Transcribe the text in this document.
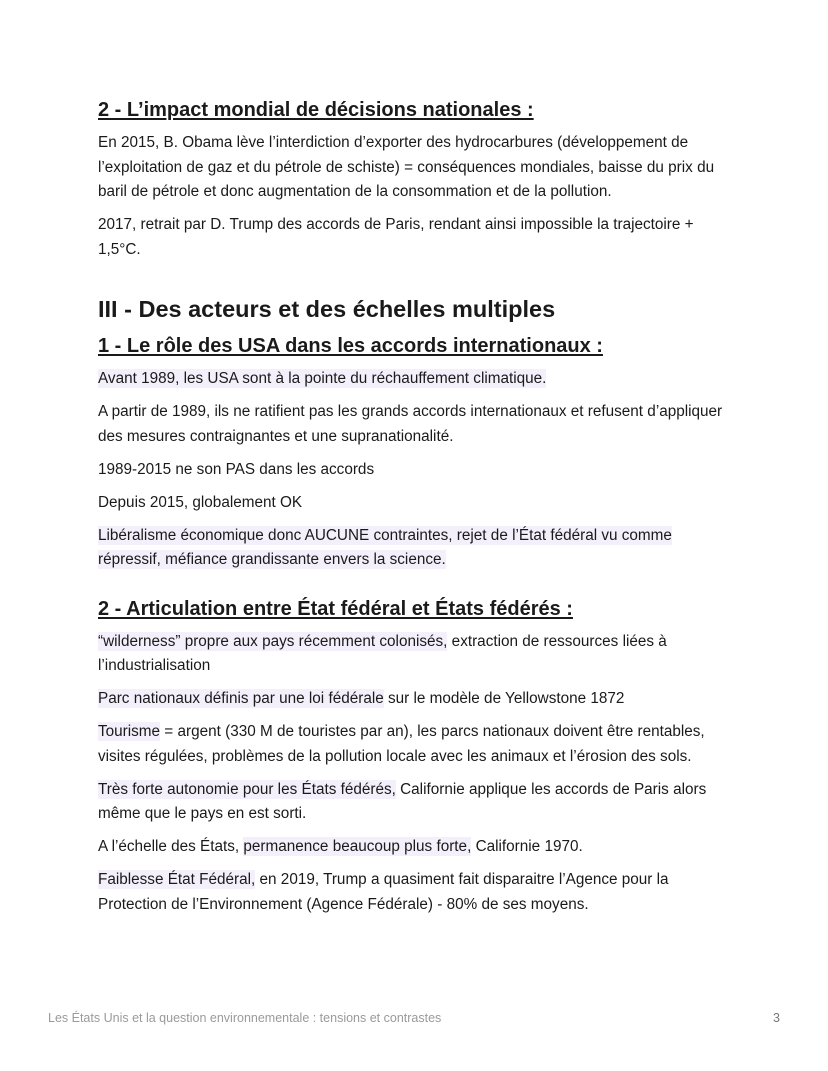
2 - L’impact mondial de décisions nationales :

En 2015, B. Obama lève l’interdiction d’exporter des hydrocarbures (développement de l’exploitation de gaz et du pétrole de schiste) = conséquences mondiales, baisse du prix du baril de pétrole et donc augmentation de la consommation et de la pollution.

2017, retrait par D. Trump des accords de Paris, rendant ainsi impossible la trajectoire + 1,5°C.

III - Des acteurs et des échelles multiples
1 - Le rôle des USA dans les accords internationaux :

Avant 1989, les USA sont à la pointe du réchauffement climatique.

A partir de 1989, ils ne ratifient pas les grands accords internationaux et refusent d’appliquer des mesures contraignantes et une supranationalité.

1989-2015 ne son PAS dans les accords

Depuis 2015, globalement OK

Libéralisme économique donc AUCUNE contraintes, rejet de l’État fédéral vu comme répressif, méfiance grandissante envers la science.

2 - Articulation entre État fédéral et États fédérés :

“wilderness” propre aux pays récemment colonisés, extraction de ressources liées à l’industrialisation

Parc nationaux définis par une loi fédérale sur le modèle de Yellowstone 1872

Tourisme = argent (330 M de touristes par an), les parcs nationaux doivent être rentables, visites régulées, problèmes de la pollution locale avec les animaux et l’érosion des sols.

Très forte autonomie pour les États fédérés, Californie applique les accords de Paris alors même que le pays en est sorti.

A l’échelle des États, permanence beaucoup plus forte, Californie 1970.

Faiblesse État Fédéral, en 2019, Trump a quasiment fait disparaitre l’Agence pour la Protection de l’Environnement (Agence Fédérale) - 80% de ses moyens.

Les États Unis et la question environnementale : tensions et contrastes	3
